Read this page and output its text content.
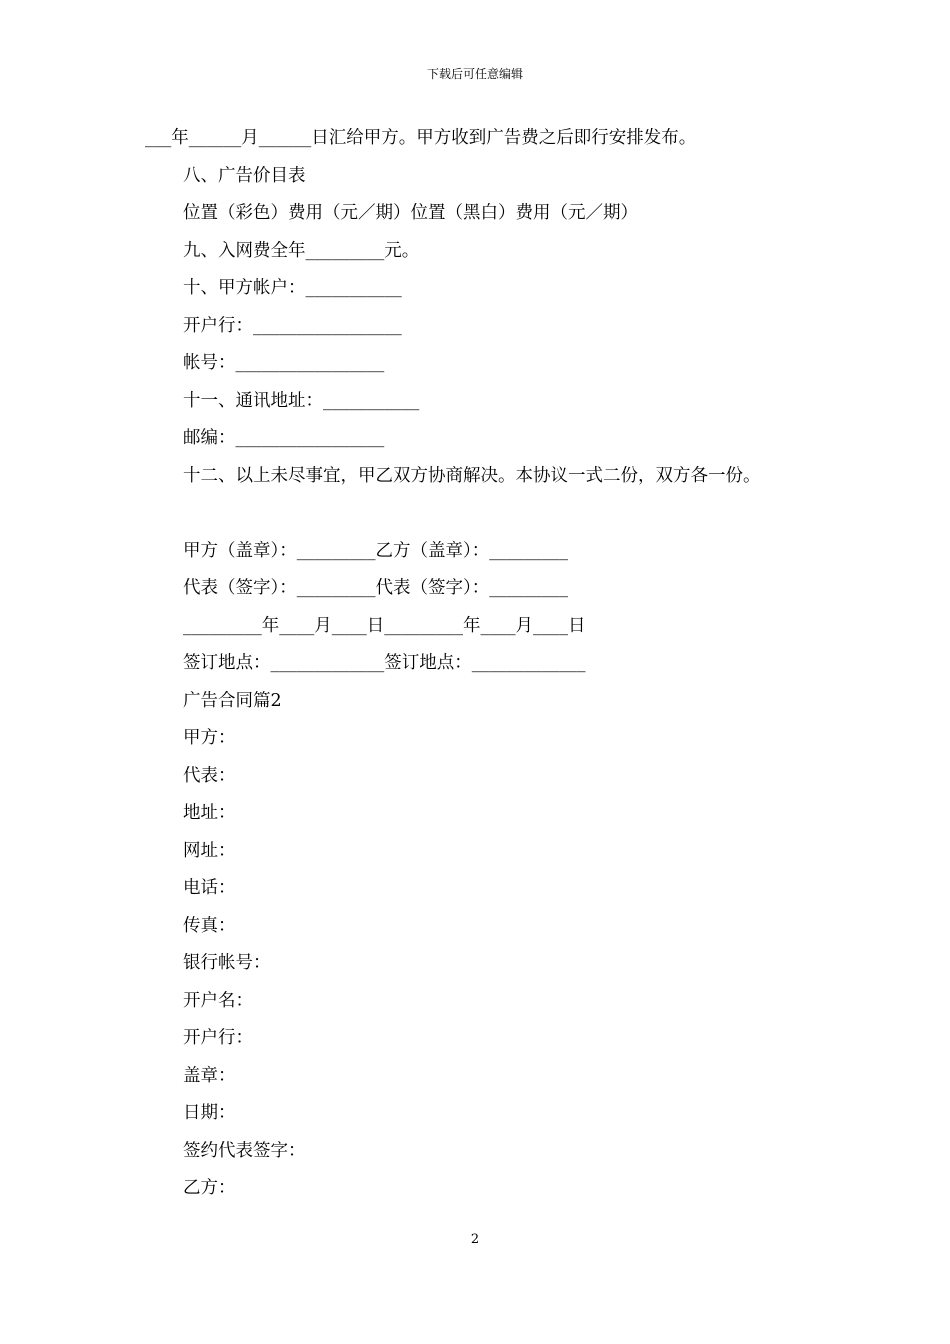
下载后可任意编辑
___年______月______日汇给甲方。甲方收到广告费之后即行安排发布。
八、广告价目表
位置（彩色）费用（元／期）位置（黑白）费用（元／期）
九、入网费全年_________元。
十、甲方帐户：___________
开户行：_________________
帐号：_________________
十一、通讯地址：___________
邮编：_________________
十二、以上未尽事宜，甲乙双方协商解决。本协议一式二份，双方各一份。
甲方（盖章）：_________乙方（盖章）：_________
代表（签字）：_________代表（签字）：_________
_________年____月____日_________年____月____日
签订地点：_____________签订地点：_____________
广告合同篇2
甲方：
代表：
地址：
网址：
电话：
传真：
银行帐号：
开户名：
开户行：
盖章：
日期：
签约代表签字：
乙方：
2
